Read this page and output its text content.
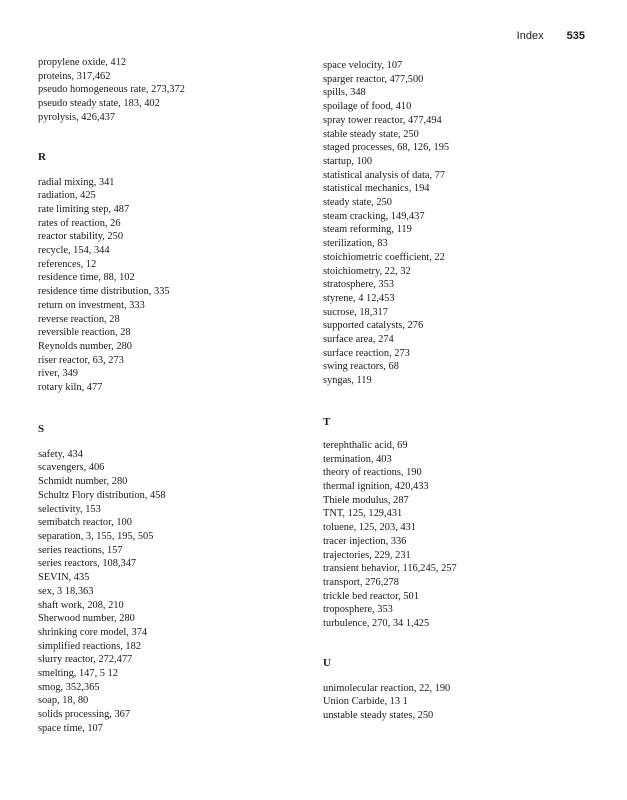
Index 535
propylene oxide, 412
proteins, 317,462
pseudo homogeneous rate, 273,372
pseudo steady state, 183, 402
pyrolysis, 426,437
R
radial mixing, 341
radiation, 425
rate limiting step, 487
rates of reaction, 26
reactor stability, 250
recycle, 154, 344
references, 12
residence time, 88, 102
residence time distribution, 335
return on investment, 333
reverse reaction, 28
reversible reaction, 28
Reynolds number, 280
riser reactor, 63, 273
river, 349
rotary kiln, 477
S
safety, 434
scavengers, 406
Schmidt number, 280
Schultz Flory distribution, 458
selectivity, 153
semibatch reactor, 100
separation, 3, 155, 195, 505
series reactions, 157
series reactors, 108,347
SEVIN, 435
sex, 3 18,363
shaft work, 208, 210
Sherwood number, 280
shrinking core model, 374
simplified reactions, 182
slurry reactor, 272,477
smelting, 147, 5 12
smog, 352,365
soap, 18, 80
solids processing, 367
space time, 107
space velocity, 107
sparger reactor, 477,500
spills, 348
spoilage of food, 410
spray tower reactor, 477,494
stable steady state, 250
staged processes, 68, 126, 195
startup, 100
statistical analysis of data, 77
statistical mechanics, 194
steady state, 250
steam cracking, 149,437
steam reforming, 119
sterilization, 83
stoichiometric coefficient, 22
stoichiometry, 22, 32
stratosphere, 353
styrene, 4 12,453
sucrose, 18,317
supported catalysts, 276
surface area, 274
surface reaction, 273
swing reactors, 68
syngas, 119
T
terephthalic acid, 69
termination, 403
theory of reactions, 190
thermal ignition, 420,433
Thiele modulus, 287
TNT, 125, 129,431
toluene, 125, 203, 431
tracer injection, 336
trajectories, 229, 231
transient behavior, 116,245, 257
transport, 276,278
trickle bed reactor, 501
troposphere, 353
turbulence, 270, 34 1,425
U
unimolecular reaction, 22, 190
Union Carbide, 13 1
unstable steady states, 250
